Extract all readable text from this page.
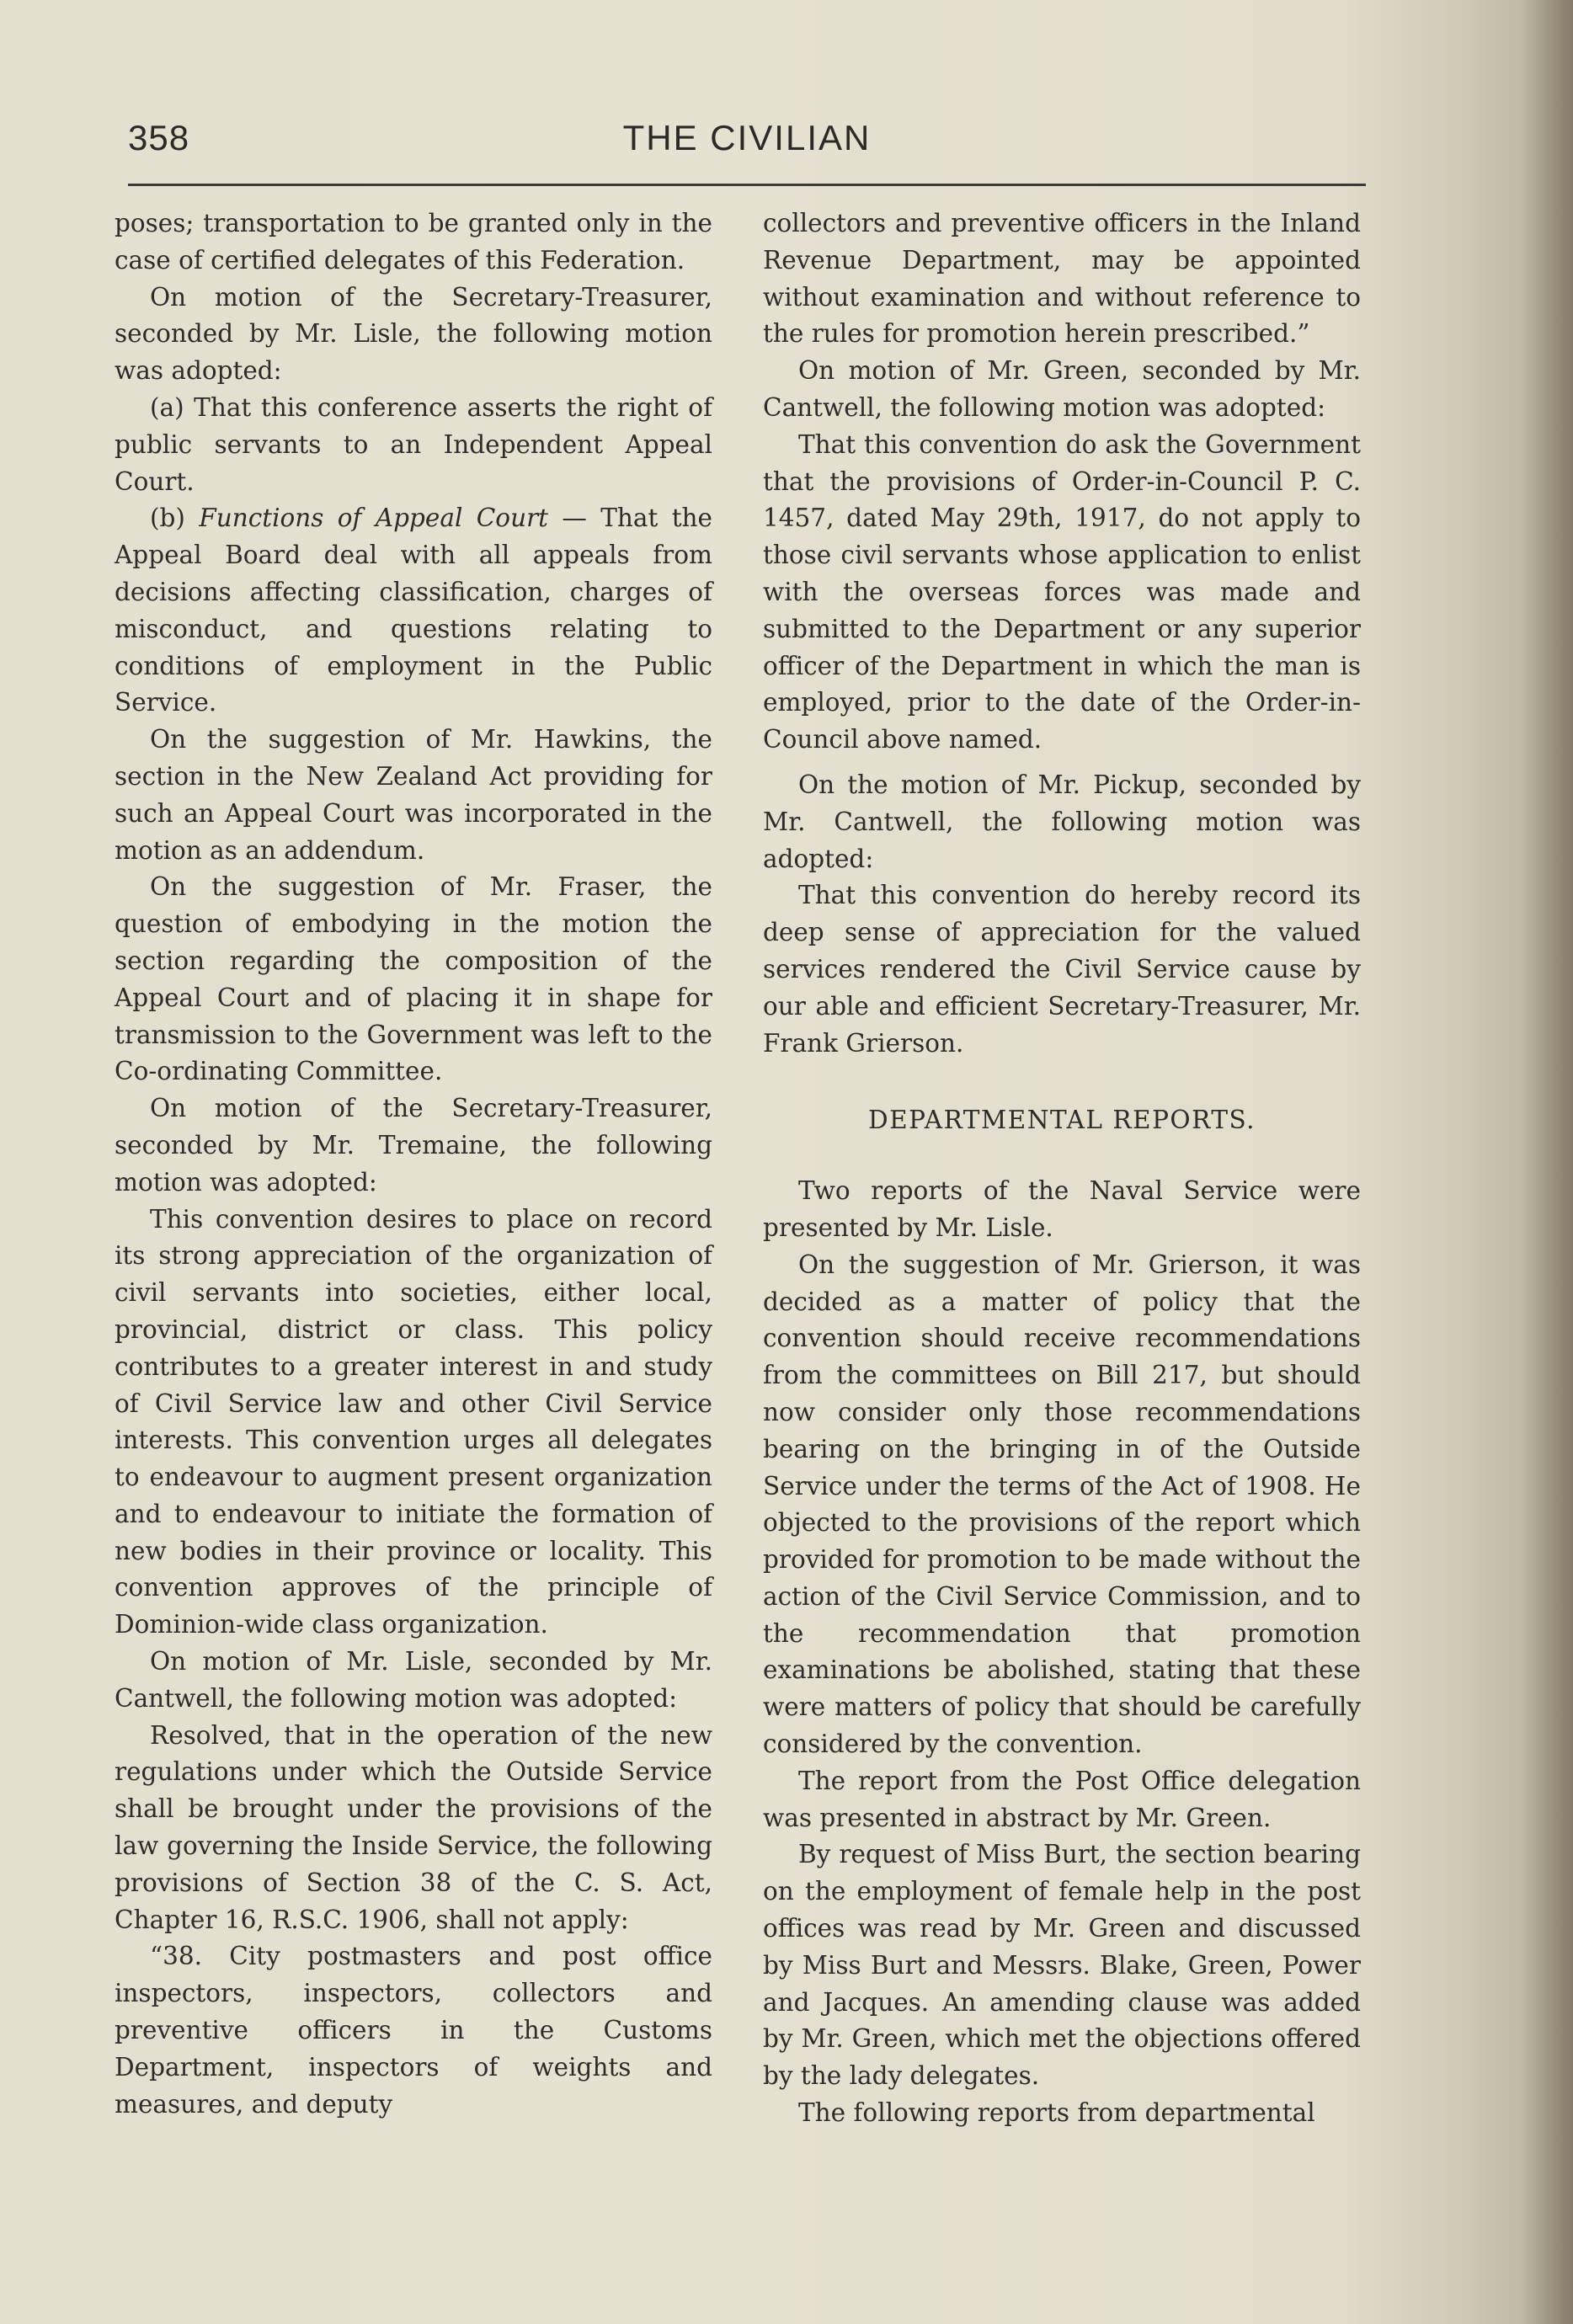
358	THE CIVILIAN

poses; transportation to be granted only in the case of certified delegates of this Federation.

On motion of the Secretary-Treasurer, seconded by Mr. Lisle, the following motion was adopted:

(a) That this conference asserts the right of public servants to an Independent Appeal Court.

(b) Functions of Appeal Court — That the Appeal Board deal with all appeals from decisions affecting classification, charges of misconduct, and questions relating to conditions of employment in the Public Service.

On the suggestion of Mr. Hawkins, the section in the New Zealand Act providing for such an Appeal Court was incorporated in the motion as an addendum.

On the suggestion of Mr. Fraser, the question of embodying in the motion the section regarding the composition of the Appeal Court and of placing it in shape for transmission to the Government was left to the Co-ordinating Committee.

On motion of the Secretary-Treasurer, seconded by Mr. Tremaine, the following motion was adopted:

This convention desires to place on record its strong appreciation of the organization of civil servants into societies, either local, provincial, district or class. This policy contributes to a greater interest in and study of Civil Service law and other Civil Service interests. This convention urges all delegates to endeavour to augment present organization and to endeavour to initiate the formation of new bodies in their province or locality. This convention approves of the principle of Dominion-wide class organization.

On motion of Mr. Lisle, seconded by Mr. Cantwell, the following motion was adopted:

Resolved, that in the operation of the new regulations under which the Outside Service shall be brought under the provisions of the law governing the Inside Service, the following provisions of Section 38 of the C. S. Act, Chapter 16, R.S.C. 1906, shall not apply:

“38. City postmasters and post office inspectors, inspectors, collectors and preventive officers in the Customs Department, inspectors of weights and measures, and deputy

collectors and preventive officers in the Inland Revenue Department, may be appointed without examination and without reference to the rules for promotion herein prescribed.”

On motion of Mr. Green, seconded by Mr. Cantwell, the following motion was adopted:

That this convention do ask the Government that the provisions of Order-in-Council P. C. 1457, dated May 29th, 1917, do not apply to those civil servants whose application to enlist with the overseas forces was made and submitted to the Department or any superior officer of the Department in which the man is employed, prior to the date of the Order-in-Council above named.

On the motion of Mr. Pickup, seconded by Mr. Cantwell, the following motion was adopted:

That this convention do hereby record its deep sense of appreciation for the valued services rendered the Civil Service cause by our able and efficient Secretary-Treasurer, Mr. Frank Grierson.

DEPARTMENTAL REPORTS.

Two reports of the Naval Service were presented by Mr. Lisle.

On the suggestion of Mr. Grierson, it was decided as a matter of policy that the convention should receive recommendations from the committees on Bill 217, but should now consider only those recommendations bearing on the bringing in of the Outside Service under the terms of the Act of 1908. He objected to the provisions of the report which provided for promotion to be made without the action of the Civil Service Commission, and to the recommendation that promotion examinations be abolished, stating that these were matters of policy that should be carefully considered by the convention.

The report from the Post Office delegation was presented in abstract by Mr. Green.

By request of Miss Burt, the section bearing on the employment of female help in the post offices was read by Mr. Green and discussed by Miss Burt and Messrs. Blake, Green, Power and Jacques. An amending clause was added by Mr. Green, which met the objections offered by the lady delegates.

The following reports from departmental
